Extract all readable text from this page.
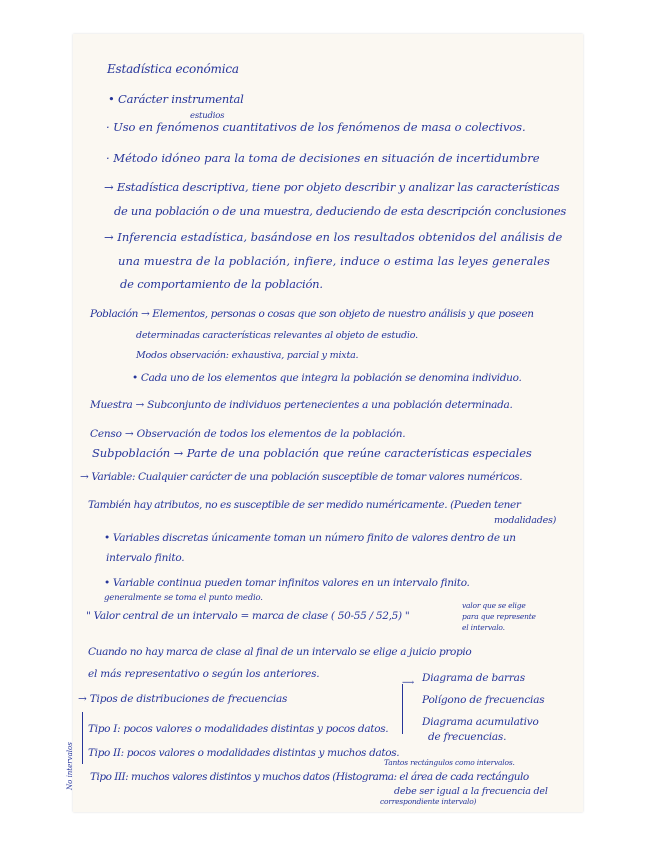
Estadística económica
• Carácter instrumental
estudios
· Uso en fenómenos cuantitativos de los fenómenos de masa o colectivos.
· Método idóneo para la toma de decisiones en situación de incertidumbre
→ Estadística descriptiva, tiene por objeto describir y analizar las características
de una población o de una muestra, deduciendo de esta descripción conclusiones
→ Inferencia estadística, basándose en los resultados obtenidos del análisis de
una muestra de la población, infiere, induce o estima las leyes generales
de comportamiento de la población.
Población → Elementos, personas o cosas que son objeto de nuestro análisis y que poseen
determinadas características relevantes al objeto de estudio.
Modos observación: exhaustiva, parcial y mixta.
• Cada uno de los elementos que integra la población se denomina individuo.
Muestra → Subconjunto de individuos pertenecientes a una población determinada.
Censo → Observación de todos los elementos de la población.
Subpoblación → Parte de una población que reúne características especiales
→ Variable: Cualquier carácter de una población susceptible de tomar valores numéricos.
También hay atributos, no es susceptible de ser medido numéricamente. (Pueden tener
modalidades)
• Variables discretas únicamente toman un número finito de valores dentro de un
intervalo finito.
• Variable continua pueden tomar infinitos valores en un intervalo finito.
generalmente se toma el punto medio.
" Valor central de un intervalo = marca de clase ( 50-55 / 52,5) "
valor que se elige
para que represente
el intervalo.
Cuando no hay marca de clase al final de un intervalo se elige a juicio propio
el más representativo o según los anteriores.
→ Tipos de distribuciones de frecuencias
⟶ Diagrama de barras
Polígono de frecuencias
Diagrama acumulativo
de frecuencias.
No intervalos
Tipo I: pocos valores o modalidades distintas y pocos datos.
Tipo II: pocos valores o modalidades distintas y muchos datos.
Tantos rectángulos como intervalos.
Tipo III: muchos valores distintos y muchos datos (Histograma: el área de cada rectángulo
debe ser igual a la frecuencia del
correspondiente intervalo)
